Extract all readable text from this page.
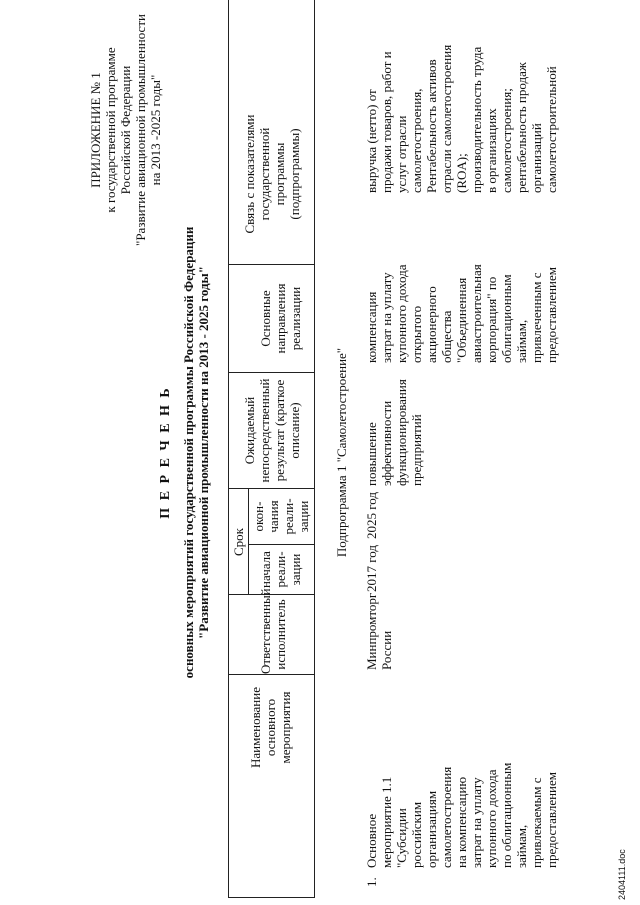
ПРИЛОЖЕНИЕ № 1 к государственной программе Российской Федерации "Развитие авиационной промышленности на 2013 -2025 годы"
П Е Р Е Ч Е Н Ь основных мероприятий государственной программы Российской Федерации "Развитие авиационной промышленности на 2013 - 2025 годы"
Наименование
основного
мероприятия
Ответственный
исполнитель
Срок
начала
реали-
зации
окон-
чания
реали-
зации
Ожидаемый
непосредственный
результат (краткое
описание)
Основные
направления
реализации
Связь с показателями
государственной
программы
(подпрограммы)
Подпрограмма 1 "Самолетостроение"
1.
Основное
мероприятие 1.1
"Субсидии
российским
организациям
самолетостроения
на компенсацию
затрат на уплату
купонного дохода
по облигационным
займам,
привлекаемым с
предоставлением
Минпромторг
России
2017 год
2025 год
повышение
эффективности
функционирования
предприятий
компенсация
затрат на уплату
купонного дохода
открытого
акционерного
общества
"Объединенная
авиастроительная
корпорация" по
облигационным
займам,
привлеченным с
предоставлением
выручка (нетто) от
продажи товаров, работ и
услуг отрасли
самолетостроения,
Рентабельность активов
отрасли самолетостроения
(ROA);
производительность труда
в организациях
самолетостроения;
рентабельность продаж
организаций
самолетостроительной
2404111.doc
